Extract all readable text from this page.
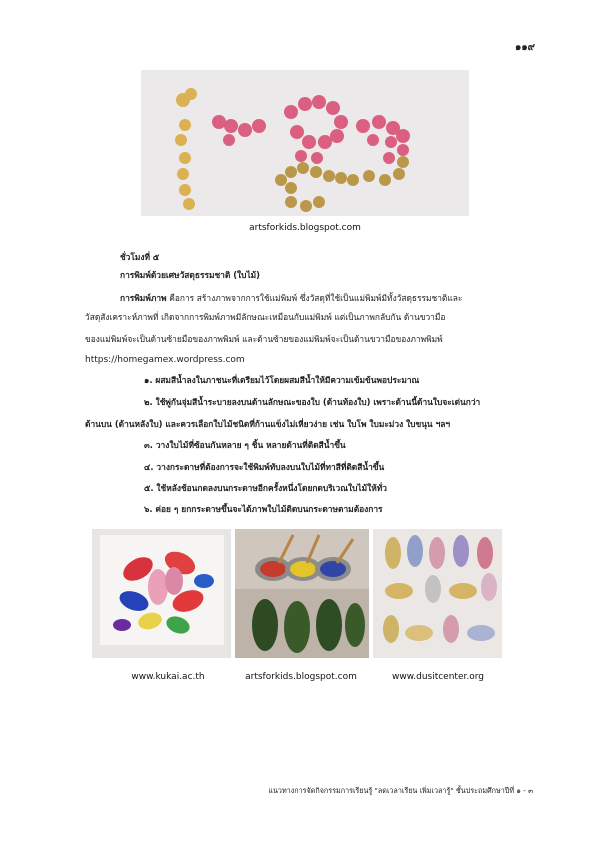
๑๑๙
artsforkids.blogspot.com
ชั่วโมงที่ ๕
การพิมพ์ด้วยเศษวัสดุธรรมชาติ (ใบไม้)
การพิมพ์ภาพ คือการ สร้างภาพจากการใช้แม่พิมพ์ ซึ่งวัสดุที่ใช้เป็นแม่พิมพ์มีทั้งวัสดุธรรมชาติและ
วัสดุสังเคราะห์ภาพที่ เกิดจากการพิมพ์ภาพมีลักษณะเหมือนกับแม่พิมพ์ แต่เป็นภาพกลับกัน ด้านขวามือ
ของแม่พิมพ์จะเป็นด้านซ้ายมือของภาพพิมพ์ และด้านซ้ายของแม่พิมพ์จะเป็นด้านขวามือของภาพพิมพ์
https://homegamex.wordpress.com
๑. ผสมสีน้ำลงในภาชนะที่เตรียมไว้โดยผสมสีน้ำให้มีความเข้มข้นพอประมาณ
๒. ใช้พู่กันจุ่มสีน้ำระบายลงบนด้านลักษณะของใบ (ด้านท้องใบ) เพราะด้านนี้ด้านใบจะเด่นกว่า
ด้านบน (ด้านหลังใบ) และควรเลือกใบไม้ชนิดที่ก้านแข็งไม่เหี่ยวง่าย เช่น ใบโพ ใบมะม่วง ใบขนุน ฯลฯ
๓. วางใบไม้ที่ซ้อนกันหลาย ๆ ชิ้น หลายด้านที่ติดสีน้ำขึ้น
๔. วางกระดาษที่ต้องการจะใช้พิมพ์ทับลงบนใบไม้ที่ทาสีที่ติดสีน้ำขึ้น
๕. ใช้หลังช้อนกดลงบนกระดาษอีกครั้งหนึ่งโดยกดบริเวณใบไม้ให้ทั่ว
๖. ค่อย ๆ ยกกระดาษขึ้นจะได้ภาพใบไม้ติดบนกระดาษตามต้องการ
www.kukai.ac.th	artsforkids.blogspot.com	www.dusitcenter.org
แนวทางการจัดกิจกรรมการเรียนรู้ "ลดเวลาเรียน เพิ่มเวลารู้" ชั้นประถมศึกษาปีที่ ๑ - ๓
